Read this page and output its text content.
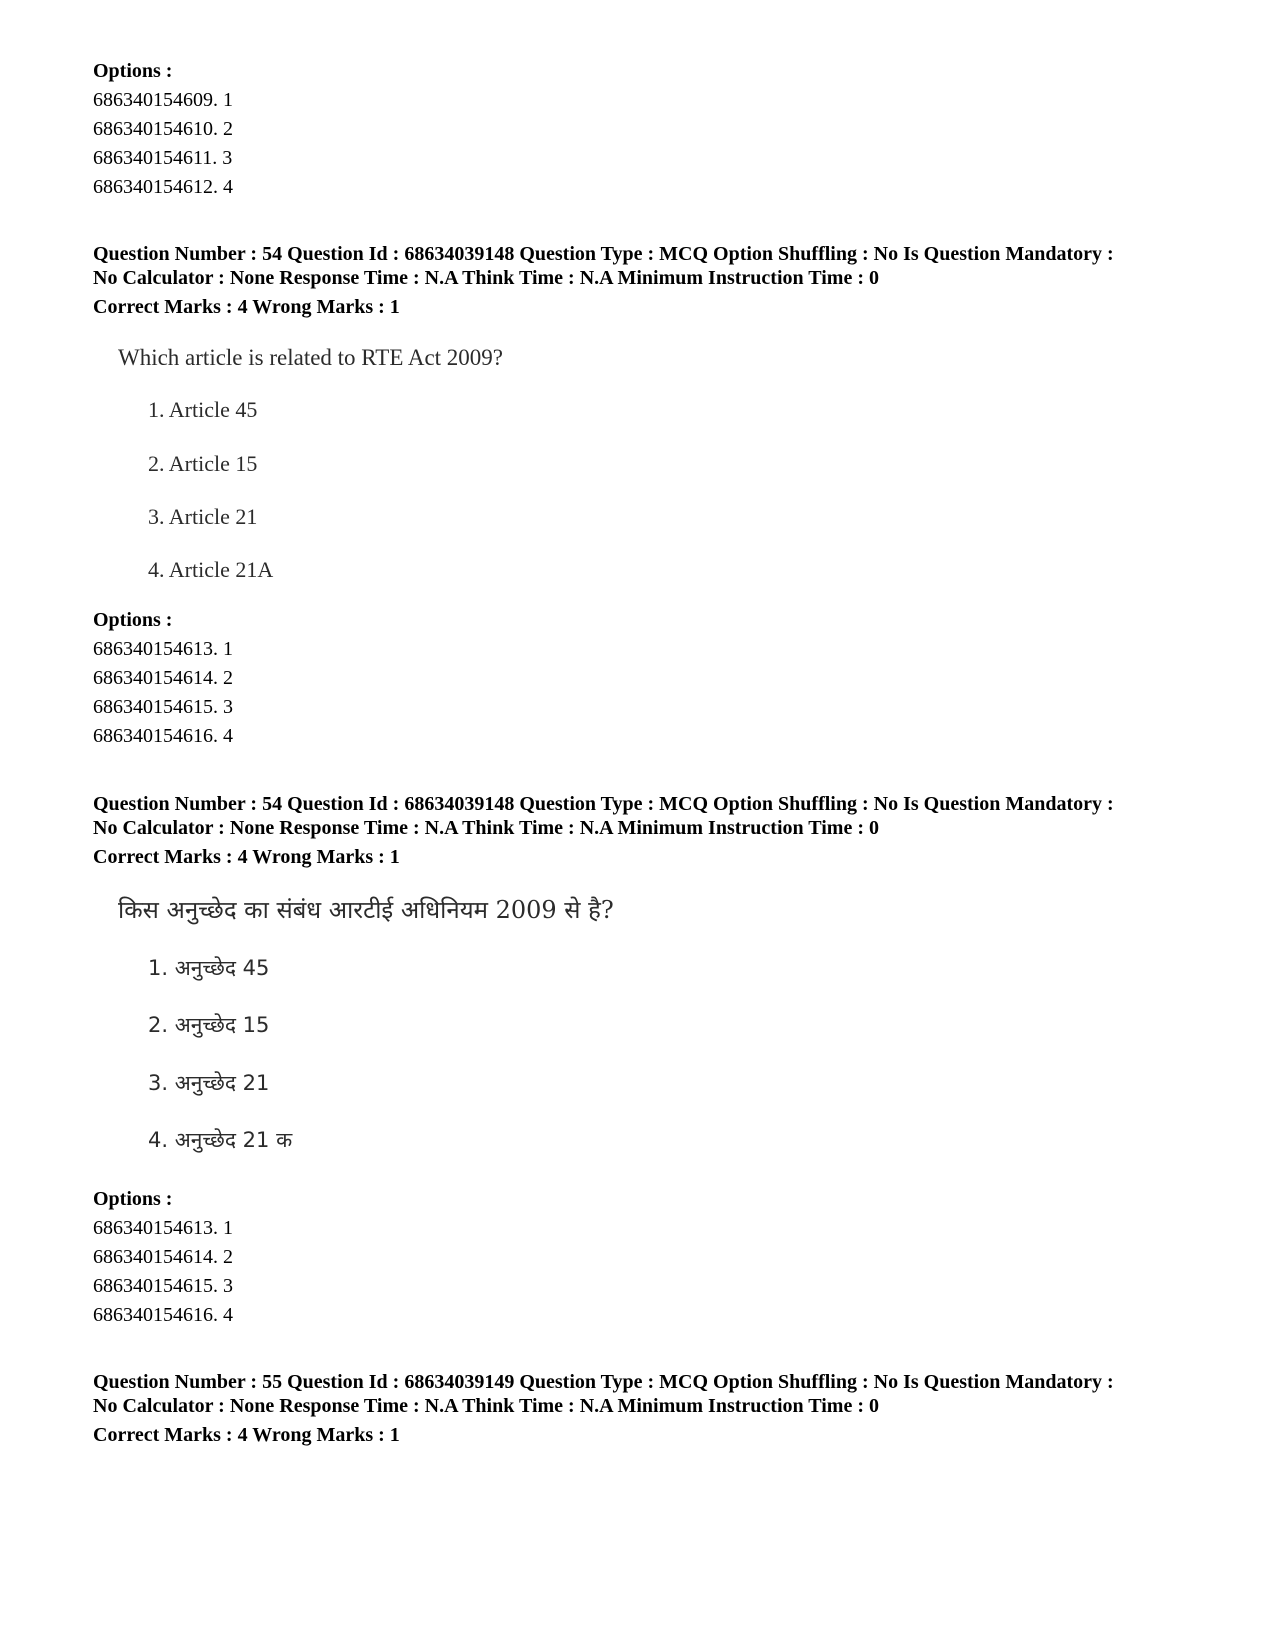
Options :
686340154609. 1
686340154610. 2
686340154611. 3
686340154612. 4
Question Number : 54 Question Id : 68634039148 Question Type : MCQ Option Shuffling : No Is Question Mandatory :
No Calculator : None Response Time : N.A Think Time : N.A Minimum Instruction Time : 0
Correct Marks : 4 Wrong Marks : 1
Which article is related to RTE Act 2009?
1. Article 45
2. Article 15
3. Article 21
4. Article 21A
Options :
686340154613. 1
686340154614. 2
686340154615. 3
686340154616. 4
Question Number : 54 Question Id : 68634039148 Question Type : MCQ Option Shuffling : No Is Question Mandatory :
No Calculator : None Response Time : N.A Think Time : N.A Minimum Instruction Time : 0
Correct Marks : 4 Wrong Marks : 1
किस अनुच्छेद का संबंध आरटीई अधिनियम 2009 से है?
1. अनुच्छेद 45
2. अनुच्छेद 15
3. अनुच्छेद 21
4. अनुच्छेद 21 क
Options :
686340154613. 1
686340154614. 2
686340154615. 3
686340154616. 4
Question Number : 55 Question Id : 68634039149 Question Type : MCQ Option Shuffling : No Is Question Mandatory :
No Calculator : None Response Time : N.A Think Time : N.A Minimum Instruction Time : 0
Correct Marks : 4 Wrong Marks : 1
